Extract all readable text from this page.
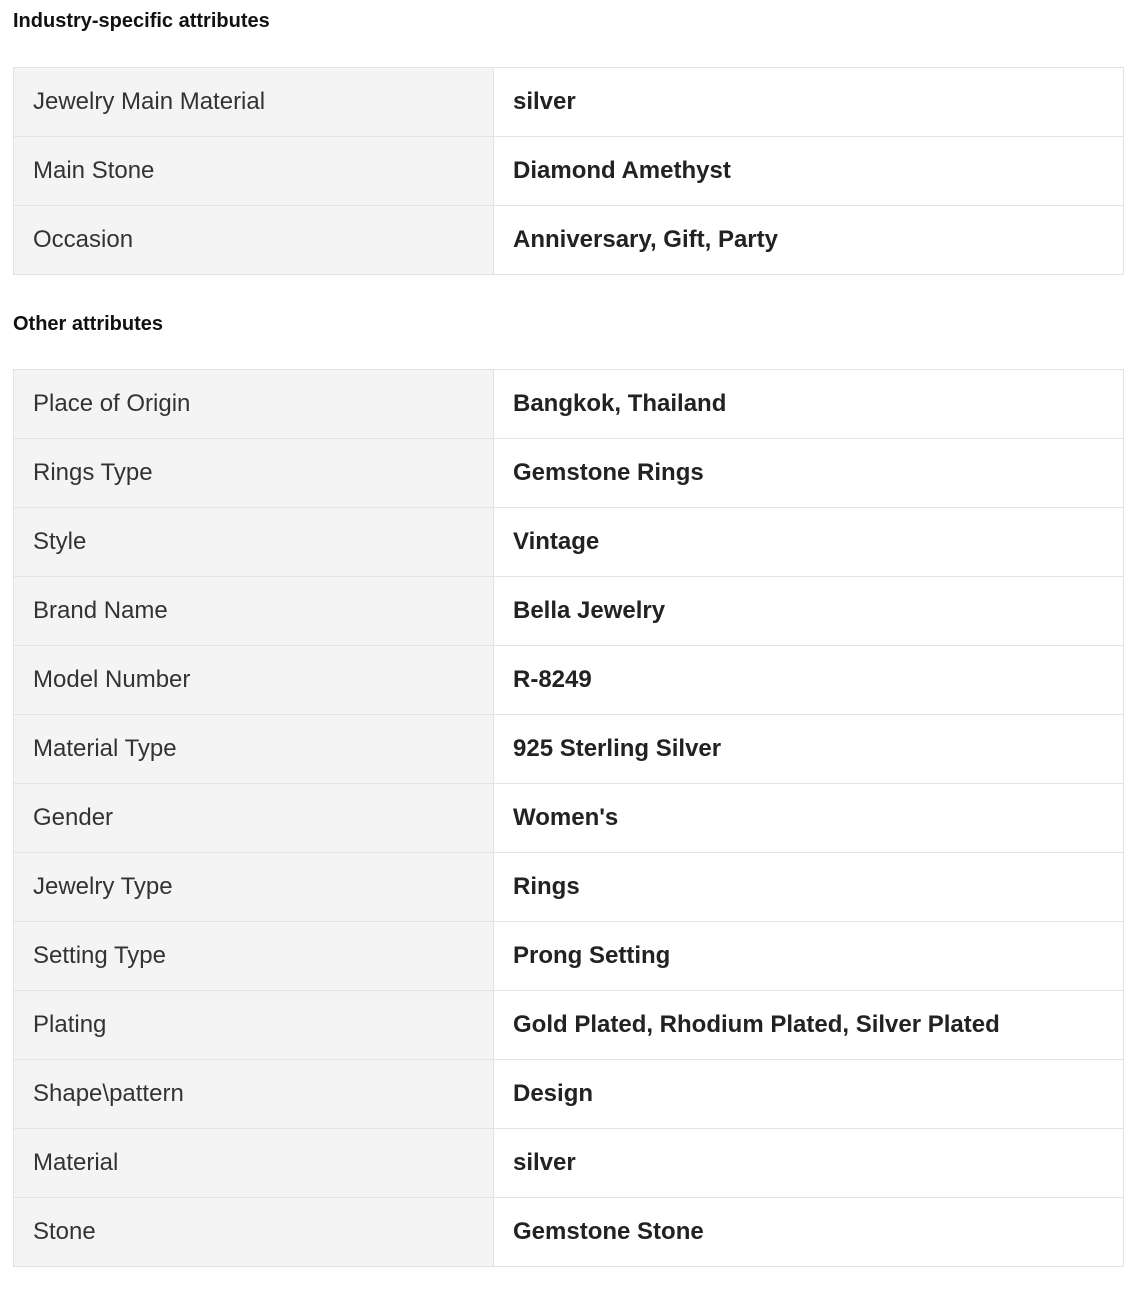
Industry-specific attributes
Jewelry Main Material	silver
Main Stone	Diamond Amethyst
Occasion	Anniversary, Gift, Party
Other attributes
Place of Origin	Bangkok, Thailand
Rings Type	Gemstone Rings
Style	Vintage
Brand Name	Bella Jewelry
Model Number	R-8249
Material Type	925 Sterling Silver
Gender	Women's
Jewelry Type	Rings
Setting Type	Prong Setting
Plating	Gold Plated, Rhodium Plated, Silver Plated
Shape\pattern	Design
Material	silver
Stone	Gemstone Stone
